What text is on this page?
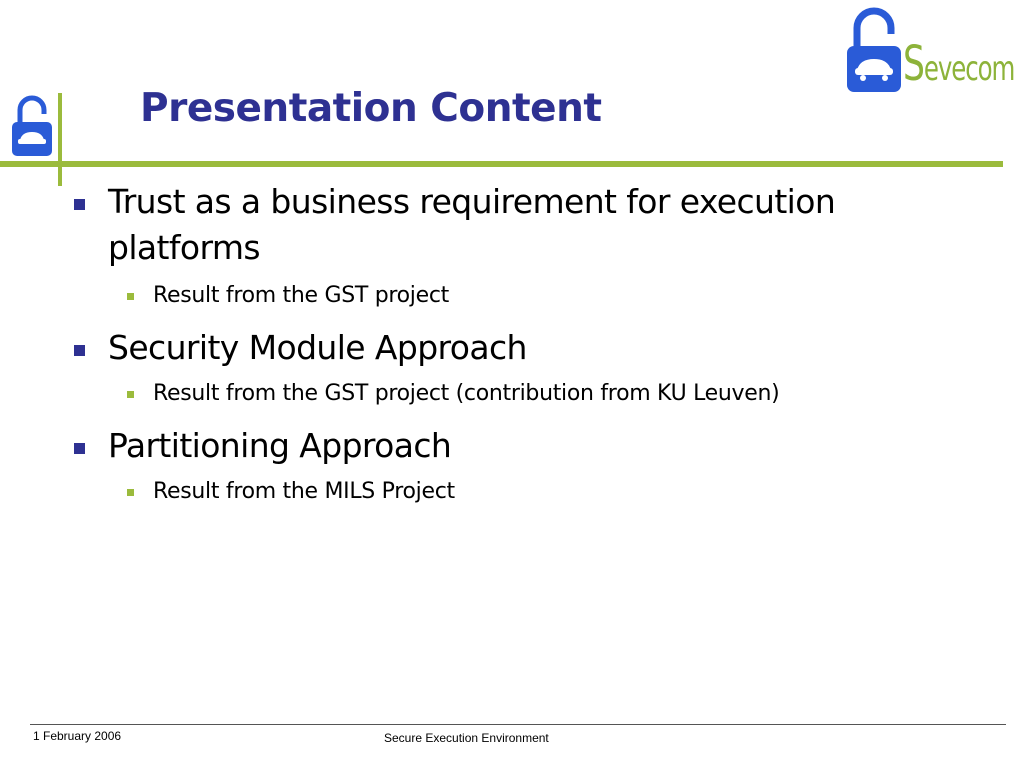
Presentation Content
Sevecom
Trust as a business requirement for execution platforms
Result from the GST project
Security Module Approach
Result from the GST project (contribution from KU Leuven)
Partitioning Approach
Result from the MILS Project
1 February 2006	Secure Execution Environment
